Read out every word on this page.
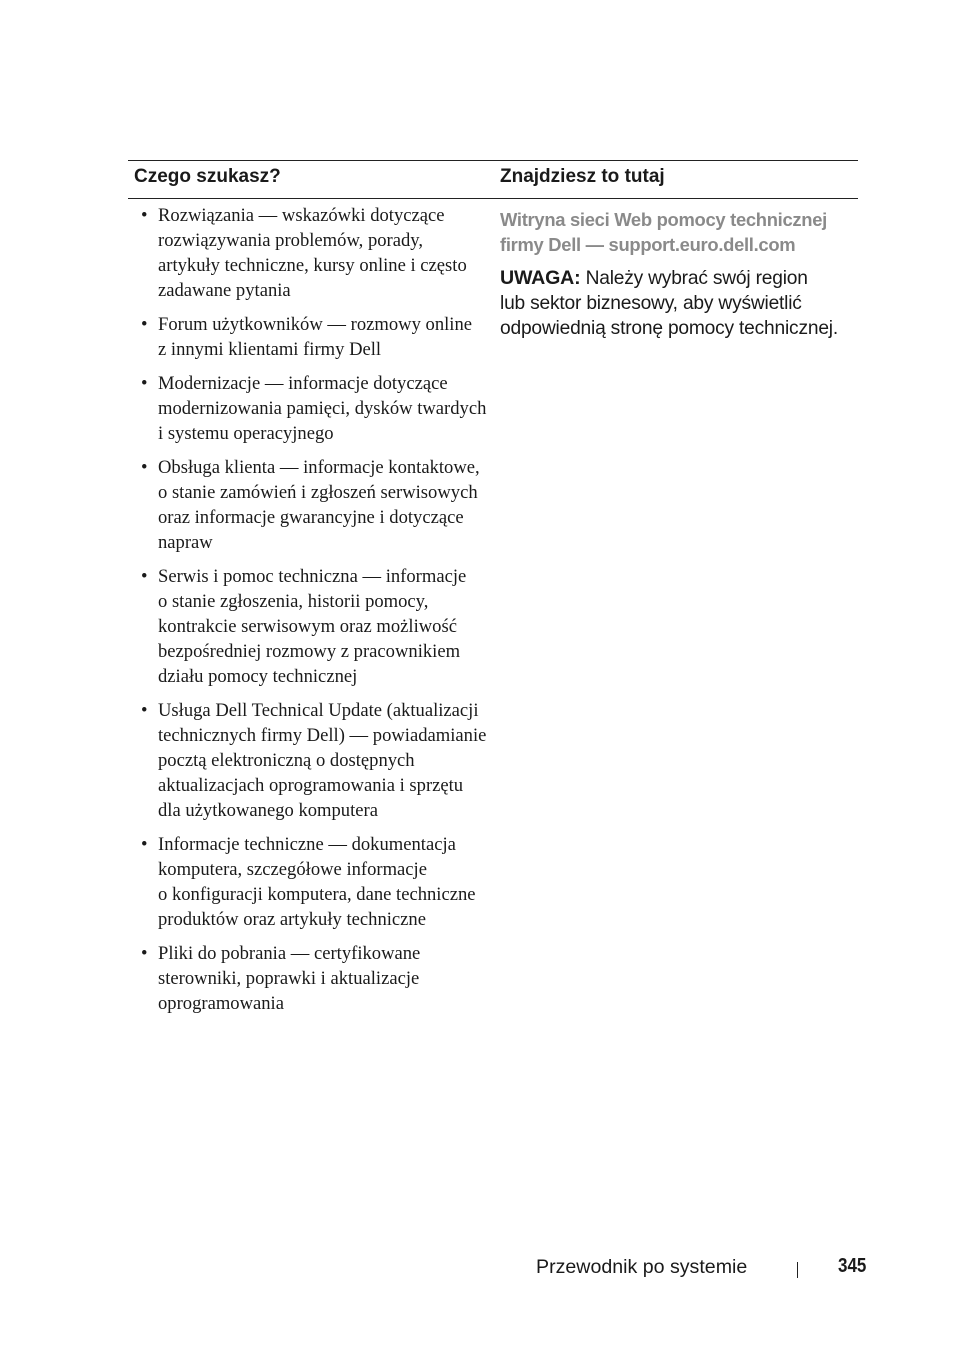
Czego szukasz?	Znajdziesz to tutaj
• Rozwiązania — wskazówki dotyczące
rozwiązywania problemów, porady,
artykuły techniczne, kursy online i często
zadawane pytania
• Forum użytkowników — rozmowy online
z innymi klientami firmy Dell
• Modernizacje — informacje dotyczące
modernizowania pamięci, dysków twardych
i systemu operacyjnego
• Obsługa klienta — informacje kontaktowe,
o stanie zamówień i zgłoszeń serwisowych
oraz informacje gwarancyjne i dotyczące
napraw
• Serwis i pomoc techniczna — informacje
o stanie zgłoszenia, historii pomocy,
kontrakcie serwisowym oraz możliwość
bezpośredniej rozmowy z pracownikiem
działu pomocy technicznej
• Usługa Dell Technical Update (aktualizacji
technicznych firmy Dell) — powiadamianie
pocztą elektroniczną o dostępnych
aktualizacjach oprogramowania i sprzętu
dla użytkowanego komputera
• Informacje techniczne — dokumentacja
komputera, szczegółowe informacje
o konfiguracji komputera, dane techniczne
produktów oraz artykuły techniczne
• Pliki do pobrania — certyfikowane
sterowniki, poprawki i aktualizacje
oprogramowania
Witryna sieci Web pomocy technicznej
firmy Dell — support.euro.dell.com
UWAGA: Należy wybrać swój region
lub sektor biznesowy, aby wyświetlić
odpowiednią stronę pomocy technicznej.
Przewodnik po systemie	345
